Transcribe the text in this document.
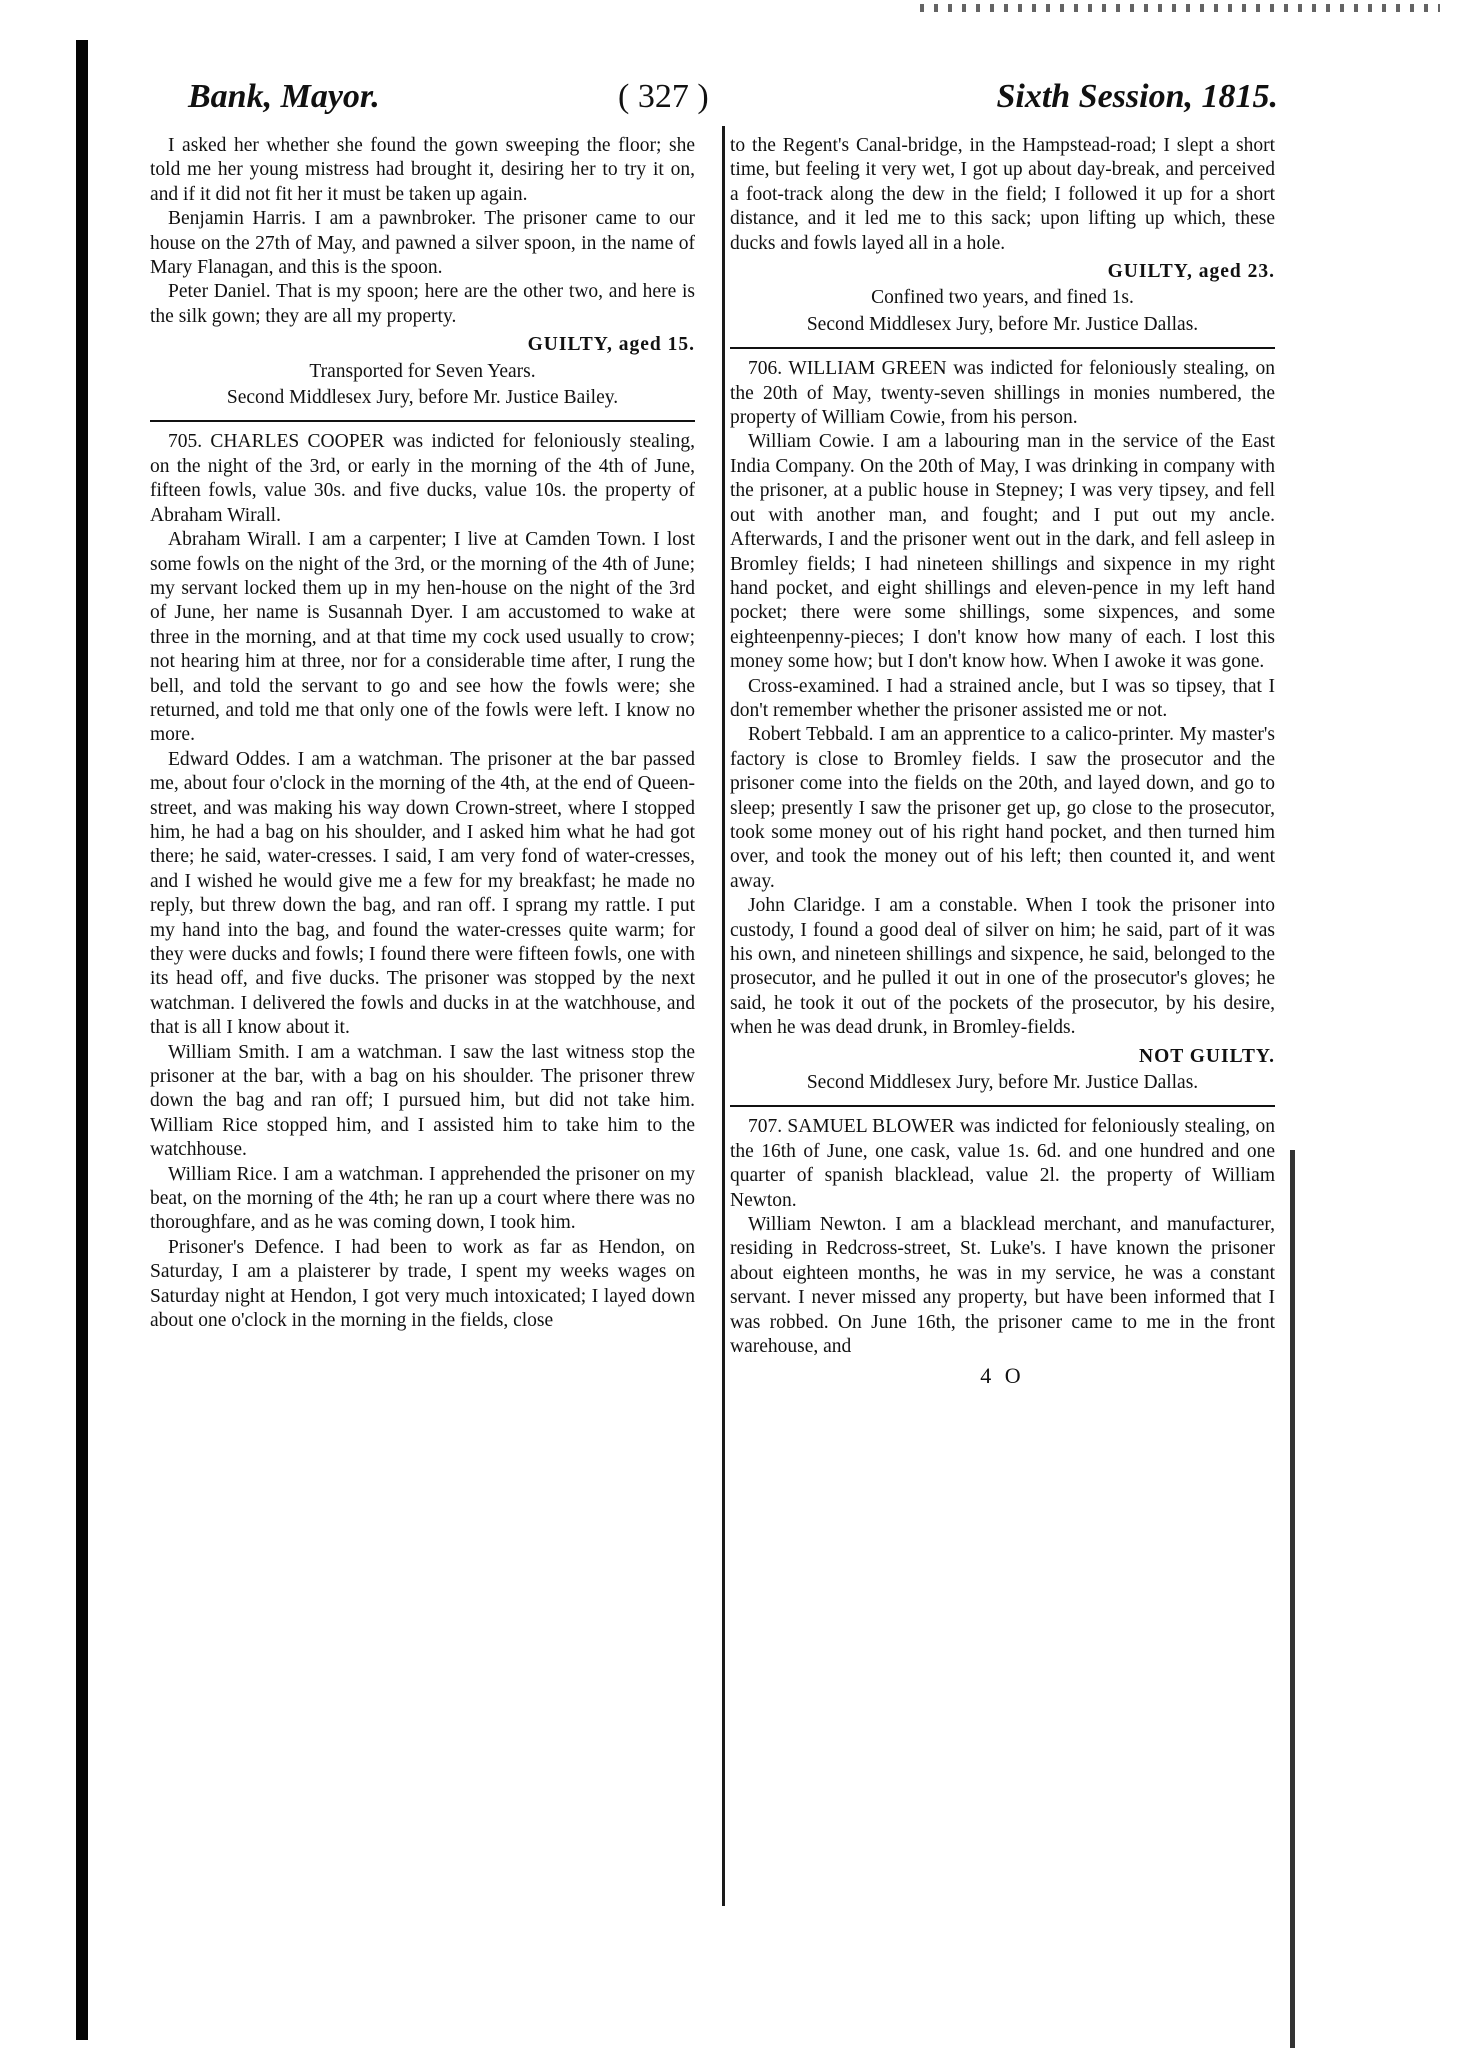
Bank, Mayor.	( 327 )	Sixth Session, 1815.

I asked her whether she found the gown sweeping the floor; she told me her young mistress had brought it, desiring her to try it on, and if it did not fit her it must be taken up again.

Benjamin Harris. I am a pawnbroker. The prisoner came to our house on the 27th of May, and pawned a silver spoon, in the name of Mary Flanagan, and this is the spoon.

Peter Daniel. That is my spoon; here are the other two, and here is the silk gown; they are all my property.

GUILTY, aged 15.

Transported for Seven Years.

Second Middlesex Jury, before Mr. Justice Bailey.

705. CHARLES COOPER was indicted for feloniously stealing, on the night of the 3rd, or early in the morning of the 4th of June, fifteen fowls, value 30s. and five ducks, value 10s. the property of Abraham Wirall.

Abraham Wirall. I am a carpenter; I live at Camden Town. I lost some fowls on the night of the 3rd, or the morning of the 4th of June; my servant locked them up in my hen-house on the night of the 3rd of June, her name is Susannah Dyer. I am accustomed to wake at three in the morning, and at that time my cock used usually to crow; not hearing him at three, nor for a considerable time after, I rung the bell, and told the servant to go and see how the fowls were; she returned, and told me that only one of the fowls were left. I know no more.

Edward Oddes. I am a watchman. The prisoner at the bar passed me, about four o'clock in the morning of the 4th, at the end of Queen-street, and was making his way down Crown-street, where I stopped him, he had a bag on his shoulder, and I asked him what he had got there; he said, water-cresses. I said, I am very fond of water-cresses, and I wished he would give me a few for my breakfast; he made no reply, but threw down the bag, and ran off. I sprang my rattle. I put my hand into the bag, and found the water-cresses quite warm; for they were ducks and fowls; I found there were fifteen fowls, one with its head off, and five ducks. The prisoner was stopped by the next watchman. I delivered the fowls and ducks in at the watchhouse, and that is all I know about it.

William Smith. I am a watchman. I saw the last witness stop the prisoner at the bar, with a bag on his shoulder. The prisoner threw down the bag and ran off; I pursued him, but did not take him. William Rice stopped him, and I assisted him to take him to the watchhouse.

William Rice. I am a watchman. I apprehended the prisoner on my beat, on the morning of the 4th; he ran up a court where there was no thoroughfare, and as he was coming down, I took him.

Prisoner's Defence. I had been to work as far as Hendon, on Saturday, I am a plaisterer by trade, I spent my weeks wages on Saturday night at Hendon, I got very much intoxicated; I layed down about one o'clock in the morning in the fields, close

to the Regent's Canal-bridge, in the Hampstead-road; I slept a short time, but feeling it very wet, I got up about day-break, and perceived a foot-track along the dew in the field; I followed it up for a short distance, and it led me to this sack; upon lifting up which, these ducks and fowls layed all in a hole.

GUILTY, aged 23.

Confined two years, and fined 1s.

Second Middlesex Jury, before Mr. Justice Dallas.

706. WILLIAM GREEN was indicted for feloniously stealing, on the 20th of May, twenty-seven shillings in monies numbered, the property of William Cowie, from his person.

William Cowie. I am a labouring man in the service of the East India Company. On the 20th of May, I was drinking in company with the prisoner, at a public house in Stepney; I was very tipsey, and fell out with another man, and fought; and I put out my ancle. Afterwards, I and the prisoner went out in the dark, and fell asleep in Bromley fields; I had nineteen shillings and sixpence in my right hand pocket, and eight shillings and eleven-pence in my left hand pocket; there were some shillings, some sixpences, and some eighteenpenny-pieces; I don't know how many of each. I lost this money some how; but I don't know how. When I awoke it was gone.

Cross-examined. I had a strained ancle, but I was so tipsey, that I don't remember whether the prisoner assisted me or not.

Robert Tebbald. I am an apprentice to a calico-printer. My master's factory is close to Bromley fields. I saw the prosecutor and the prisoner come into the fields on the 20th, and layed down, and go to sleep; presently I saw the prisoner get up, go close to the prosecutor, took some money out of his right hand pocket, and then turned him over, and took the money out of his left; then counted it, and went away.

John Claridge. I am a constable. When I took the prisoner into custody, I found a good deal of silver on him; he said, part of it was his own, and nineteen shillings and sixpence, he said, belonged to the prosecutor, and he pulled it out in one of the prosecutor's gloves; he said, he took it out of the pockets of the prosecutor, by his desire, when he was dead drunk, in Bromley-fields.

NOT GUILTY.

Second Middlesex Jury, before Mr. Justice Dallas.

707. SAMUEL BLOWER was indicted for feloniously stealing, on the 16th of June, one cask, value 1s. 6d. and one hundred and one quarter of spanish blacklead, value 2l. the property of William Newton.

William Newton. I am a blacklead merchant, and manufacturer, residing in Redcross-street, St. Luke's. I have known the prisoner about eighteen months, he was in my service, he was a constant servant. I never missed any property, but have been informed that I was robbed. On June 16th, the prisoner came to me in the front warehouse, and

4 O
